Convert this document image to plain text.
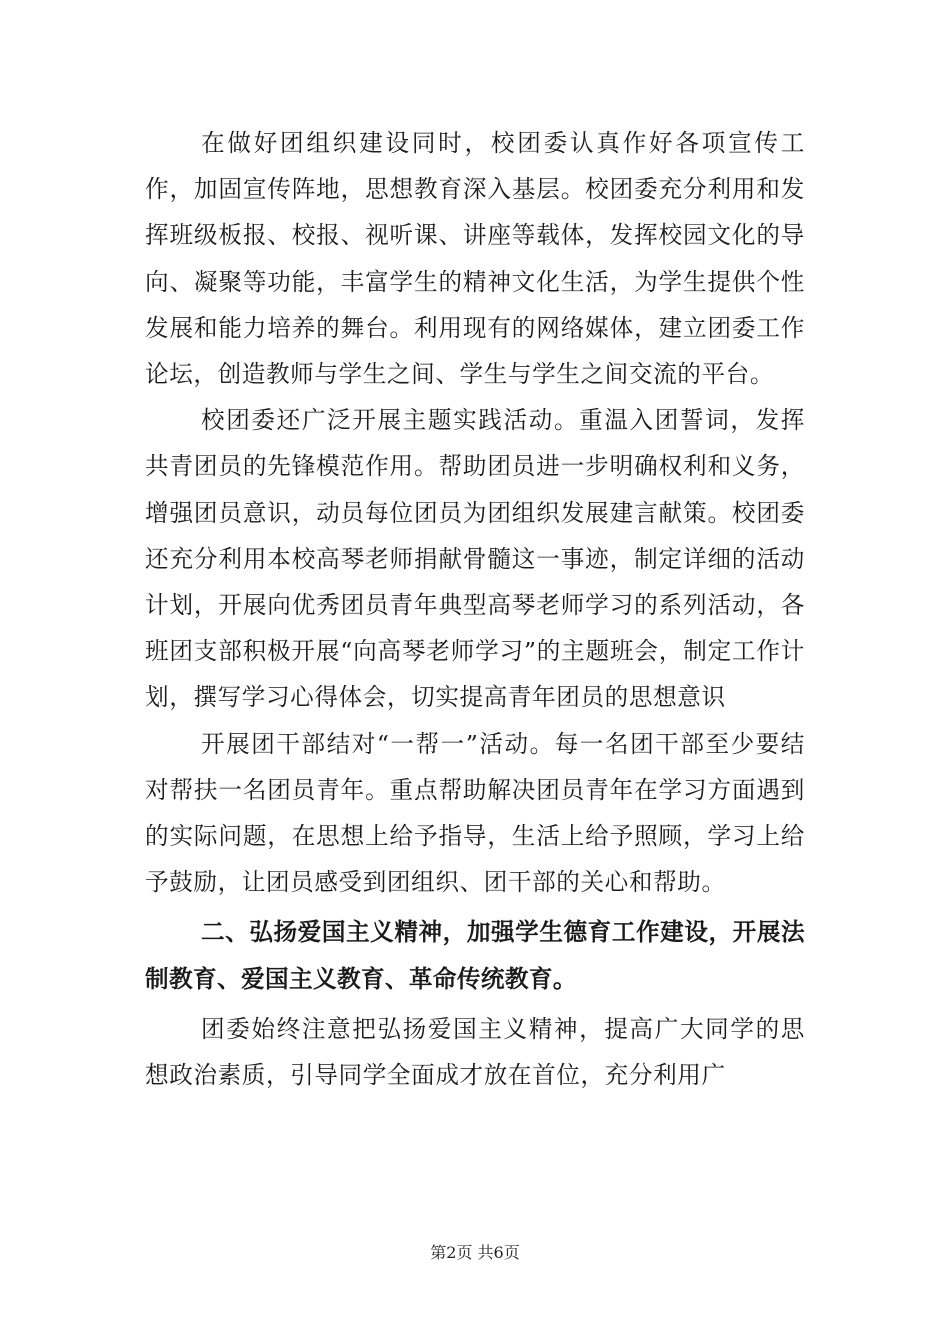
在做好团组织建设同时，校团委认真作好各项宣传工作，加固宣传阵地，思想教育深入基层。校团委充分利用和发挥班级板报、校报、视听课、讲座等载体，发挥校园文化的导向、凝聚等功能，丰富学生的精神文化生活，为学生提供个性发展和能力培养的舞台。利用现有的网络媒体，建立团委工作论坛，创造教师与学生之间、学生与学生之间交流的平台。

校团委还广泛开展主题实践活动。重温入团誓词，发挥共青团员的先锋模范作用。帮助团员进一步明确权利和义务，增强团员意识，动员每位团员为团组织发展建言献策。校团委还充分利用本校高琴老师捐献骨髓这一事迹，制定详细的活动计划，开展向优秀团员青年典型高琴老师学习的系列活动，各班团支部积极开展“向高琴老师学习”的主题班会，制定工作计划，撰写学习心得体会，切实提高青年团员的思想意识

开展团干部结对“一帮一”活动。每一名团干部至少要结对帮扶一名团员青年。重点帮助解决团员青年在学习方面遇到的实际问题，在思想上给予指导，生活上给予照顾，学习上给予鼓励，让团员感受到团组织、团干部的关心和帮助。

二、弘扬爱国主义精神，加强学生德育工作建设，开展法制教育、爱国主义教育、革命传统教育。

团委始终注意把弘扬爱国主义精神，提高广大同学的思想政治素质，引导同学全面成才放在首位，充分利用广

第2页 共6页
